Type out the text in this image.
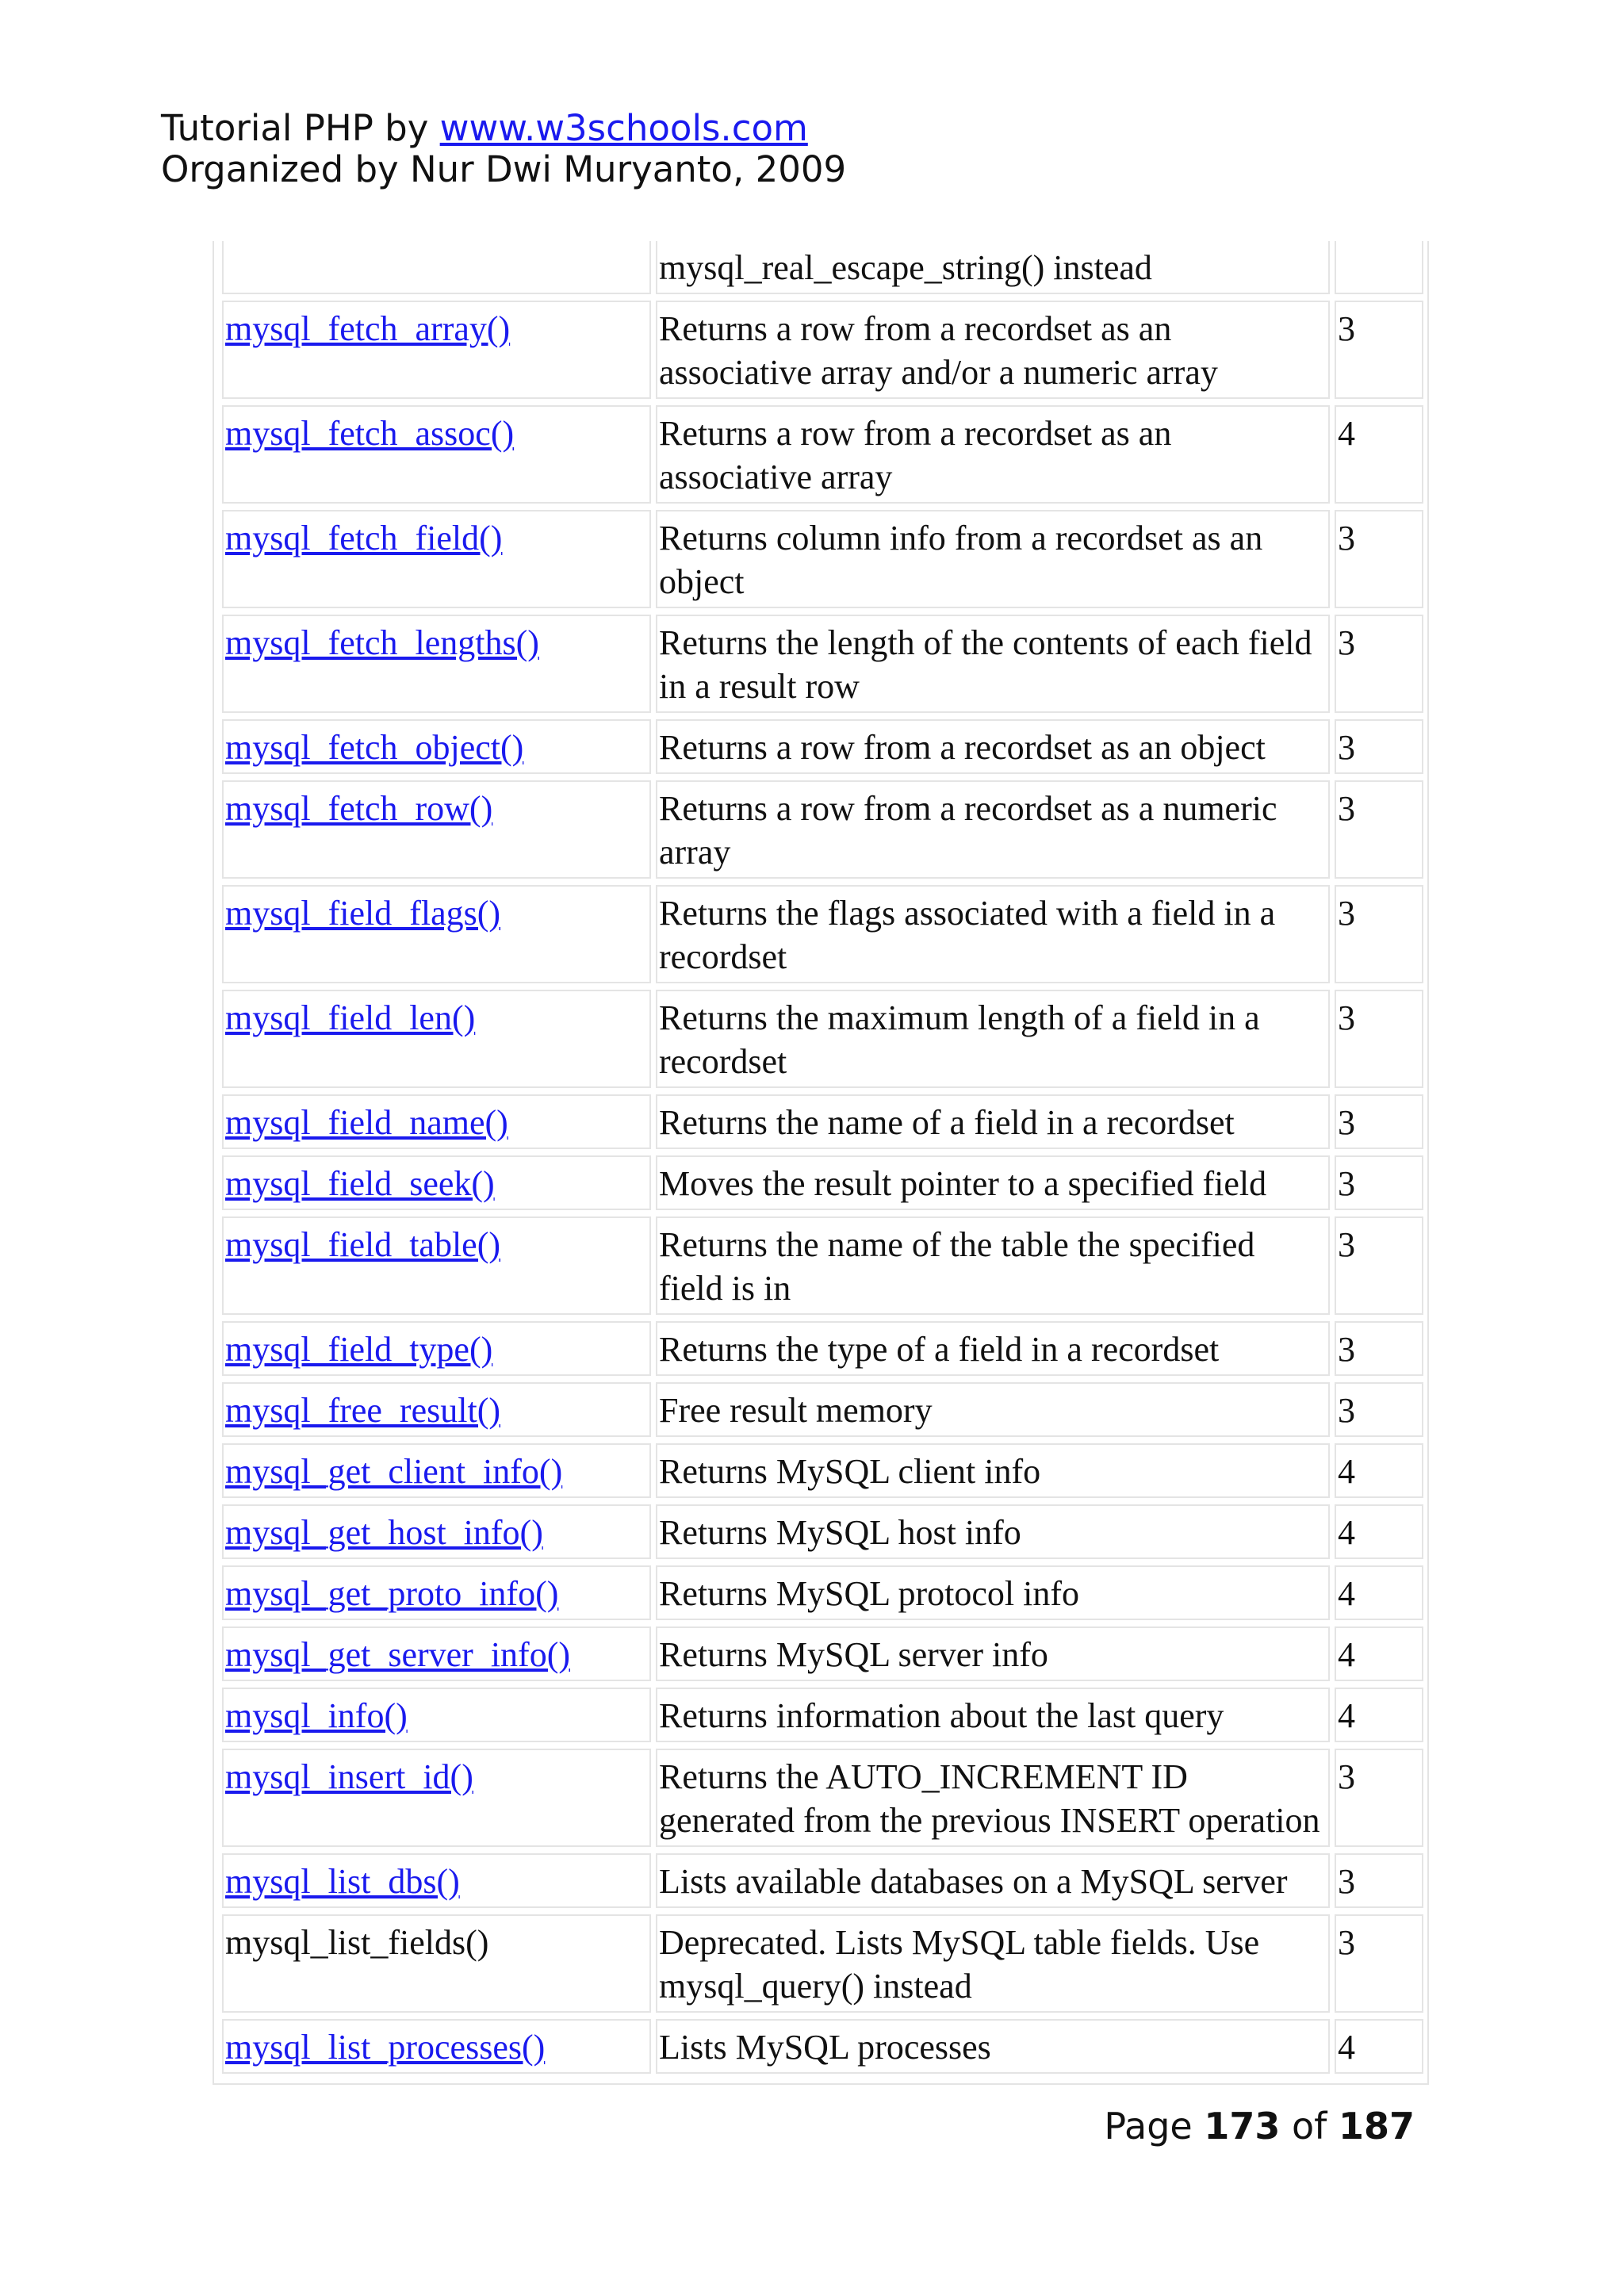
Tutorial PHP by www.w3schools.com
Organized by Nur Dwi Muryanto, 2009
	mysql_real_escape_string() instead	
mysql_fetch_array()	Returns a row from a recordset as an associative array and/or a numeric array	3
mysql_fetch_assoc()	Returns a row from a recordset as an associative array	4
mysql_fetch_field()	Returns column info from a recordset as an object	3
mysql_fetch_lengths()	Returns the length of the contents of each field in a result row	3
mysql_fetch_object()	Returns a row from a recordset as an object	3
mysql_fetch_row()	Returns a row from a recordset as a numeric array	3
mysql_field_flags()	Returns the flags associated with a field in a recordset	3
mysql_field_len()	Returns the maximum length of a field in a recordset	3
mysql_field_name()	Returns the name of a field in a recordset	3
mysql_field_seek()	Moves the result pointer to a specified field	3
mysql_field_table()	Returns the name of the table the specified field is in	3
mysql_field_type()	Returns the type of a field in a recordset	3
mysql_free_result()	Free result memory	3
mysql_get_client_info()	Returns MySQL client info	4
mysql_get_host_info()	Returns MySQL host info	4
mysql_get_proto_info()	Returns MySQL protocol info	4
mysql_get_server_info()	Returns MySQL server info	4
mysql_info()	Returns information about the last query	4
mysql_insert_id()	Returns the AUTO_INCREMENT ID generated from the previous INSERT operation	3
mysql_list_dbs()	Lists available databases on a MySQL server	3
mysql_list_fields()	Deprecated. Lists MySQL table fields. Use mysql_query() instead	3
mysql_list_processes()	Lists MySQL processes	4
Page 173 of 187
